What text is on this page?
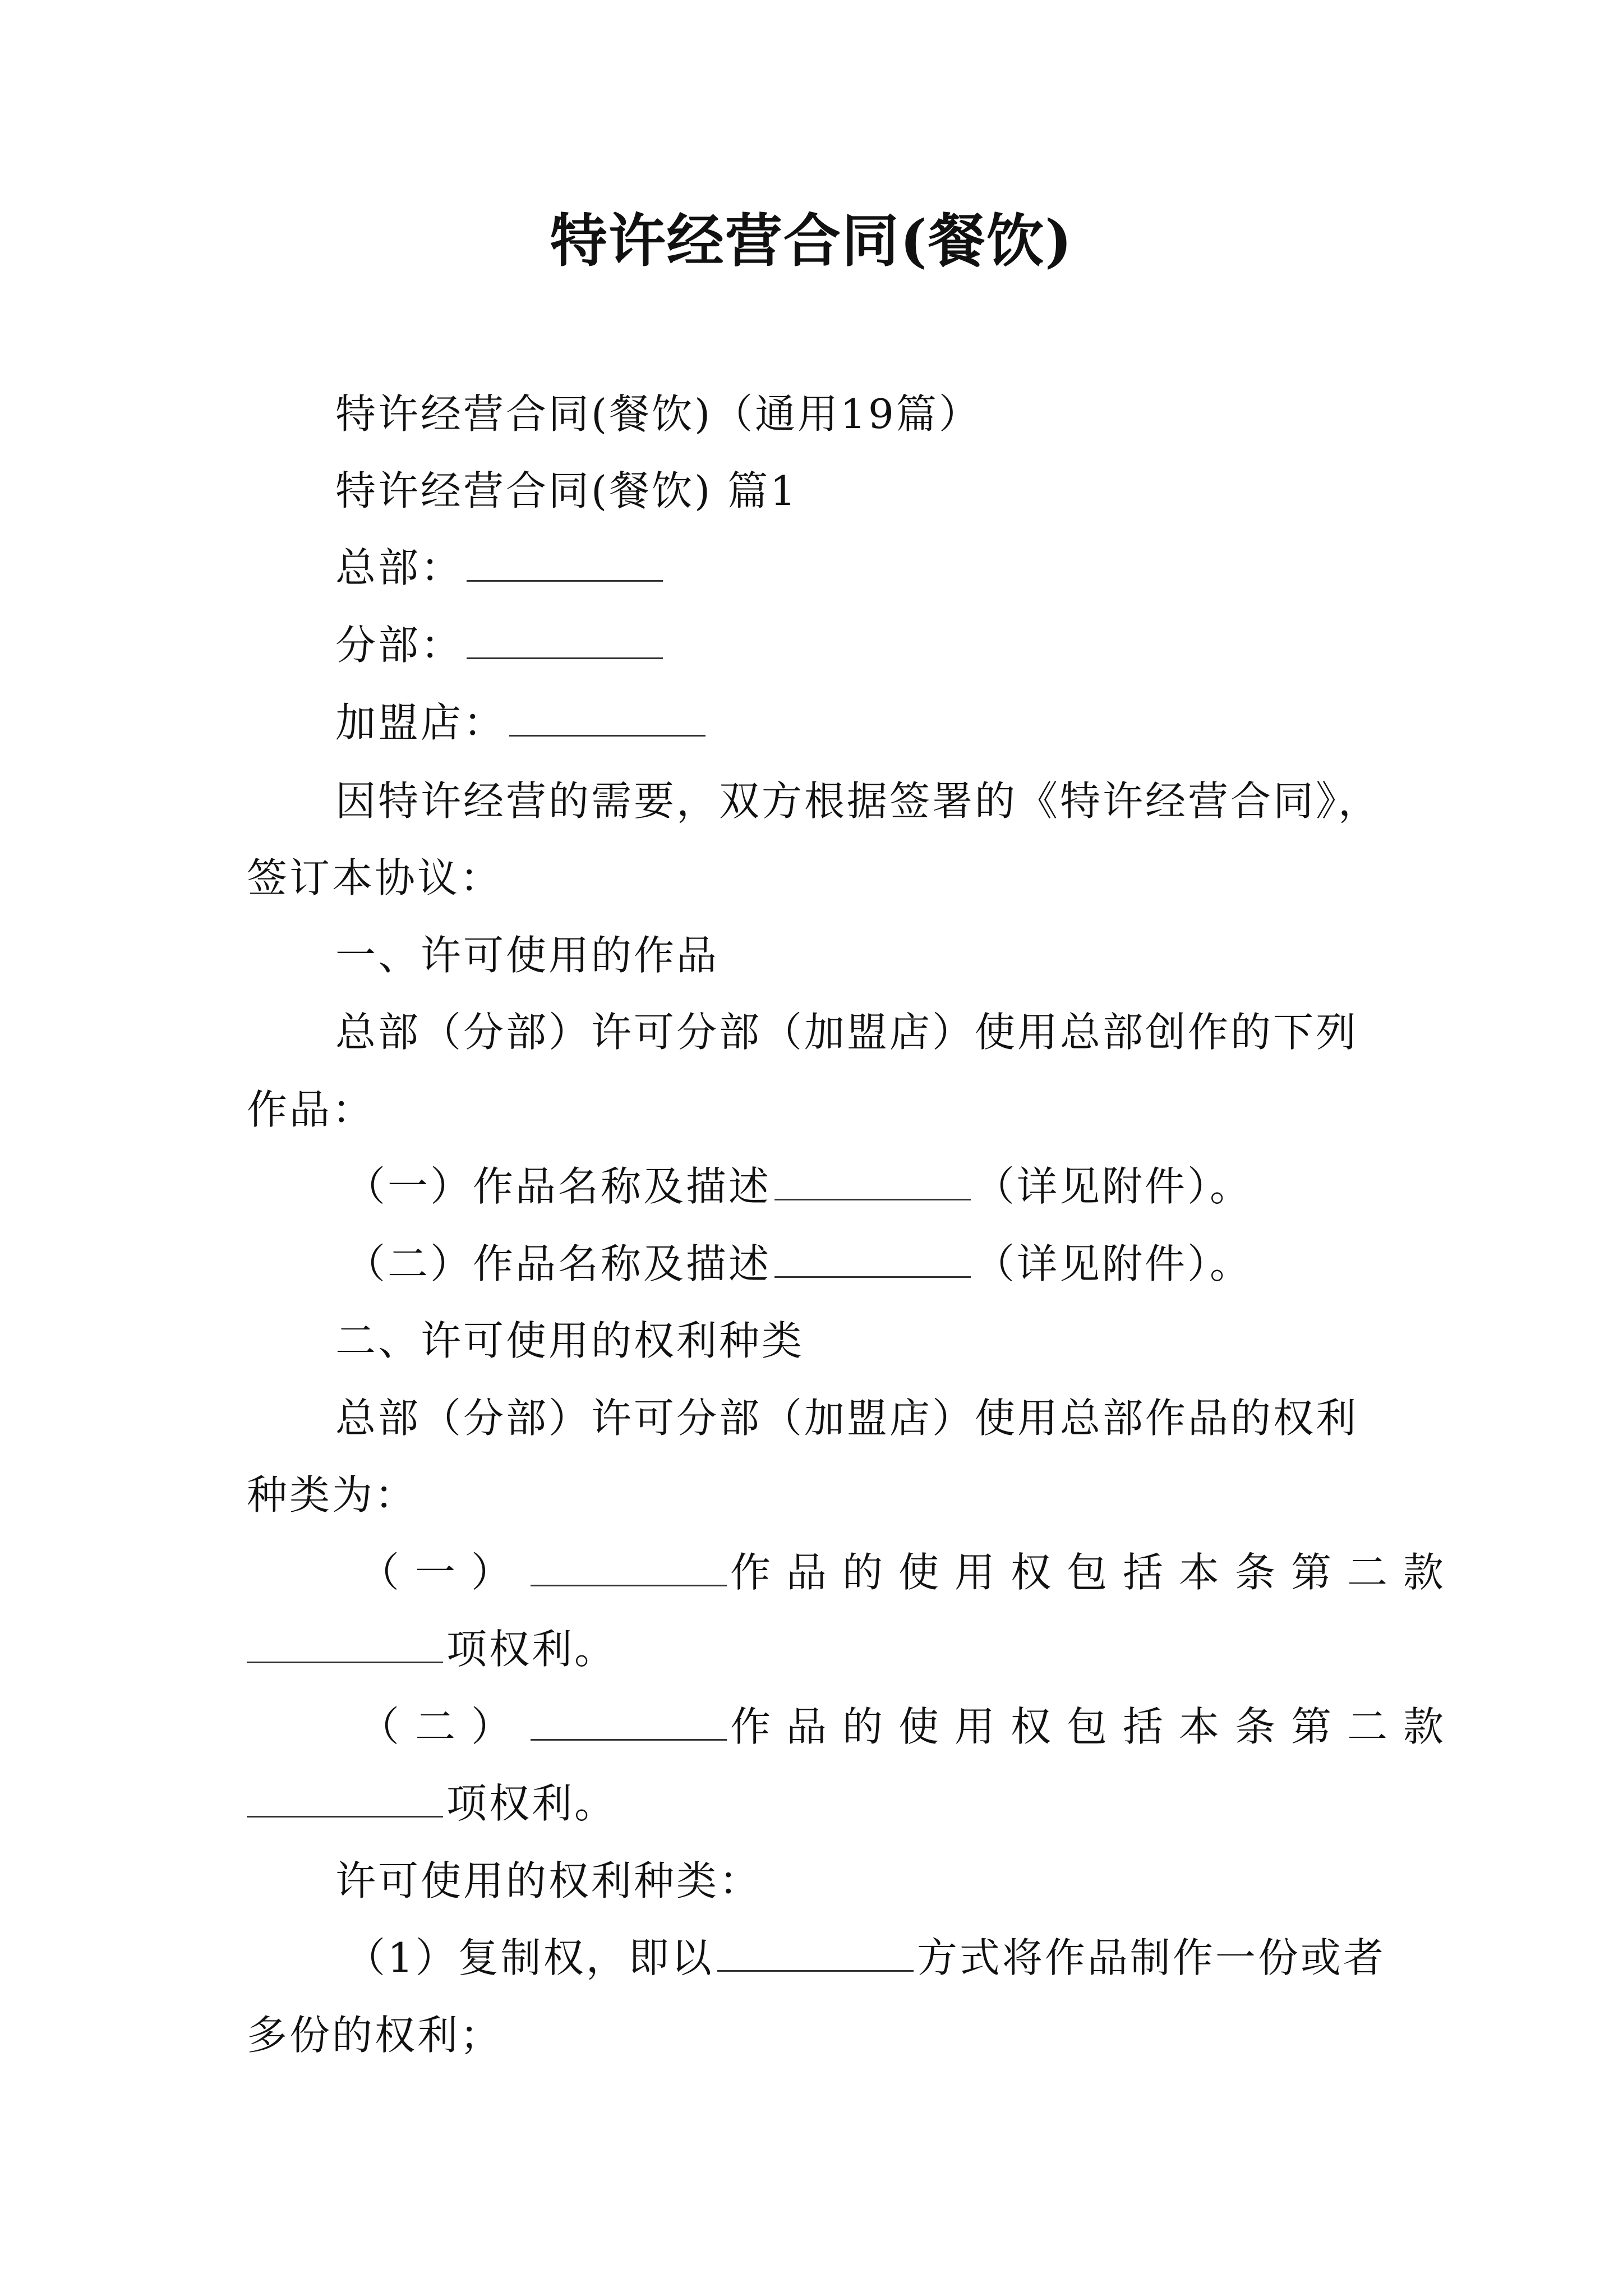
特许经营合同(餐饮)
特许经营合同(餐饮)（通用19篇）
特许经营合同(餐饮) 篇1
总部：
分部：
加盟店：
因特许经营的需要，双方根据签署的《特许经营合同》，
签订本协议：
一、许可使用的作品
总部（分部）许可分部（加盟店）使用总部创作的下列
作品：
（一）作品名称及描述	（详见附件）。
（二）作品名称及描述	（详见附件）。
二、许可使用的权利种类
总部（分部）许可分部（加盟店）使用总部作品的权利
种类为：
（一）	作品的使用权包括本条第二款
项权利。
（二）	作品的使用权包括本条第二款
项权利。
许可使用的权利种类：
（1）复制权，即以	方式将作品制作一份或者
多份的权利；
